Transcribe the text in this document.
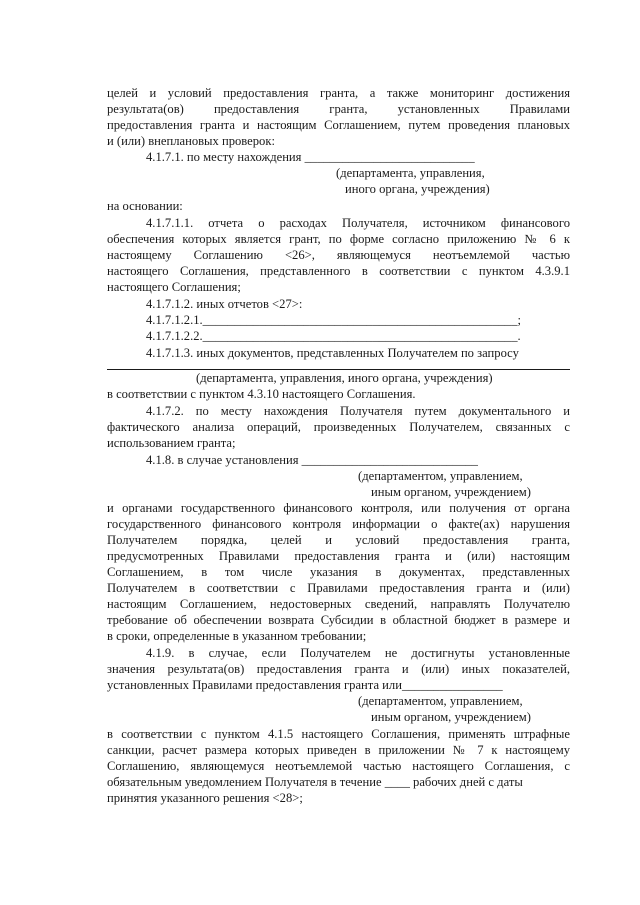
целей и условий предоставления гранта, а также мониторинг достижения
результата(ов) предоставления гранта, установленных Правилами
предоставления гранта и настоящим Соглашением, путем проведения плановых
и (или) внеплановых проверок:
4.1.7.1. по месту нахождения ___________________________
(департамента, управления,
иного органа, учреждения)
на основании:
4.1.7.1.1. отчета о расходах Получателя, источником финансового
обеспечения которых является грант, по форме согласно приложению № 6 к
настоящему Соглашению <26>, являющемуся неотъемлемой частью
настоящего Соглашения, представленного в соответствии с пунктом 4.3.9.1
настоящего Соглашения;
4.1.7.1.2. иных отчетов <27>:
4.1.7.1.2.1.__________________________________________________;
4.1.7.1.2.2.__________________________________________________.
4.1.7.1.3. иных документов, представленных Получателем по запросу
(департамента, управления, иного органа, учреждения)
в соответствии с пунктом 4.3.10 настоящего Соглашения.
4.1.7.2. по месту нахождения Получателя путем документального и
фактического анализа операций, произведенных Получателем, связанных с
использованием гранта;
4.1.8. в случае установления ____________________________
(департаментом, управлением,
иным органом, учреждением)
и органами государственного финансового контроля, или получения от органа
государственного финансового контроля информации о факте(ах) нарушения
Получателем порядка, целей и условий предоставления гранта,
предусмотренных Правилами предоставления гранта и (или) настоящим
Соглашением, в том числе указания в документах, представленных
Получателем в соответствии с Правилами предоставления гранта и (или)
настоящим Соглашением, недостоверных сведений, направлять Получателю
требование об обеспечении возврата Субсидии в областной бюджет в размере и
в сроки, определенные в указанном требовании;
4.1.9. в случае, если Получателем не достигнуты установленные
значения результата(ов) предоставления гранта и (или) иных показателей,
установленных Правилами предоставления гранта или________________
(департаментом, управлением,
иным органом, учреждением)
в соответствии с пунктом 4.1.5 настоящего Соглашения, применять штрафные
санкции, расчет размера которых приведен в приложении № 7 к настоящему
Соглашению, являющемуся неотъемлемой частью настоящего Соглашения, с
обязательным уведомлением Получателя в течение ____ рабочих дней с даты
принятия указанного решения <28>;
